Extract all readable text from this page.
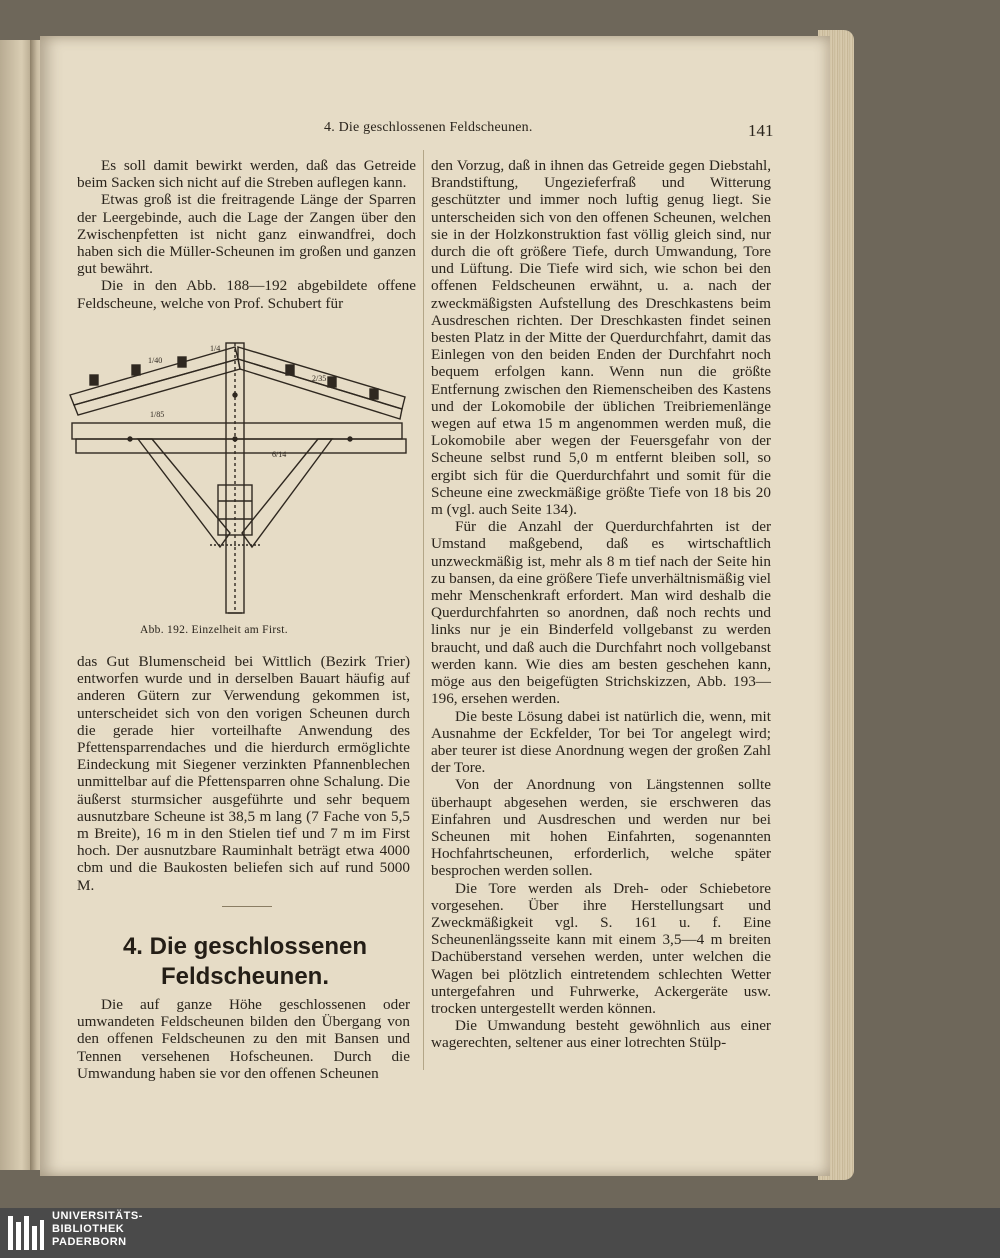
4. Die geschlossenen Feldscheunen.	141

Es soll damit bewirkt werden, daß das Getreide beim Sacken sich nicht auf die Streben auflegen kann.

Etwas groß ist die freitragende Länge der Sparren der Leergebinde, auch die Lage der Zangen über den Zwischenpfetten ist nicht ganz einwandfrei, doch haben sich die Müller-Scheunen im großen und ganzen gut bewährt.

Die in den Abb. 188—192 abgebildete offene Feldscheune, welche von Prof. Schubert für

1/40
1/4
2/35
1/85
6/14
Abb. 192. Einzelheit am First.

das Gut Blumenscheid bei Wittlich (Bezirk Trier) entworfen wurde und in derselben Bauart häufig auf anderen Gütern zur Verwendung gekommen ist, unterscheidet sich von den vorigen Scheunen durch die gerade hier vorteilhafte Anwendung des Pfettensparrendaches und die hierdurch ermöglichte Eindeckung mit Siegener verzinkten Pfannenblechen unmittelbar auf die Pfettensparren ohne Schalung. Die äußerst sturmsicher ausgeführte und sehr bequem ausnutzbare Scheune ist 38,5 m lang (7 Fache von 5,5 m Breite), 16 m in den Stielen tief und 7 m im First hoch. Der ausnutzbare Rauminhalt beträgt etwa 4000 cbm und die Baukosten beliefen sich auf rund 5000 M.

4. Die geschlossenen Feldscheunen.

Die auf ganze Höhe geschlossenen oder umwandeten Feldscheunen bilden den Übergang von den offenen Feldscheunen zu den mit Bansen und Tennen versehenen Hofscheunen. Durch die Umwandung haben sie vor den offenen Scheunen

den Vorzug, daß in ihnen das Getreide gegen Diebstahl, Brandstiftung, Ungezieferfraß und Witterung geschützter und immer noch luftig genug liegt. Sie unterscheiden sich von den offenen Scheunen, welchen sie in der Holzkonstruktion fast völlig gleich sind, nur durch die oft größere Tiefe, durch Umwandung, Tore und Lüftung. Die Tiefe wird sich, wie schon bei den offenen Feldscheunen erwähnt, u. a. nach der zweckmäßigsten Aufstellung des Dreschkastens beim Ausdreschen richten. Der Dreschkasten findet seinen besten Platz in der Mitte der Querdurchfahrt, damit das Einlegen von den beiden Enden der Durchfahrt noch bequem erfolgen kann. Wenn nun die größte Entfernung zwischen den Riemenscheiben des Kastens und der Lokomobile der üblichen Treibriemenlänge wegen auf etwa 15 m angenommen werden muß, die Lokomobile aber wegen der Feuersgefahr von der Scheune selbst rund 5,0 m entfernt bleiben soll, so ergibt sich für die Querdurchfahrt und somit für die Scheune eine zweckmäßige größte Tiefe von 18 bis 20 m (vgl. auch Seite 134).

Für die Anzahl der Querdurchfahrten ist der Umstand maßgebend, daß es wirtschaftlich unzweckmäßig ist, mehr als 8 m tief nach der Seite hin zu bansen, da eine größere Tiefe unverhältnismäßig viel mehr Menschenkraft erfordert. Man wird deshalb die Querdurchfahrten so anordnen, daß noch rechts und links nur je ein Binderfeld vollgebanst zu werden braucht, und daß auch die Durchfahrt noch vollgebanst werden kann. Wie dies am besten geschehen kann, möge aus den beigefügten Strichskizzen, Abb. 193—196, ersehen werden.

Die beste Lösung dabei ist natürlich die, wenn, mit Ausnahme der Eckfelder, Tor bei Tor angelegt wird; aber teurer ist diese Anordnung wegen der großen Zahl der Tore.

Von der Anordnung von Längstennen sollte überhaupt abgesehen werden, sie erschweren das Einfahren und Ausdreschen und werden nur bei Scheunen mit hohen Einfahrten, sogenannten Hochfahrtscheunen, erforderlich, welche später besprochen werden sollen.

Die Tore werden als Dreh- oder Schiebetore vorgesehen. Über ihre Herstellungsart und Zweckmäßigkeit vgl. S. 161 u. f. Eine Scheunenlängsseite kann mit einem 3,5—4 m breiten Dachüberstand versehen werden, unter welchen die Wagen bei plötzlich eintretendem schlechten Wetter untergefahren und Fuhrwerke, Ackergeräte usw. trocken untergestellt werden können.

Die Umwandung besteht gewöhnlich aus einer wagerechten, seltener aus einer lotrechten Stülp-

UNIVERSITÄTS-
BIBLIOTHEK
PADERBORN
